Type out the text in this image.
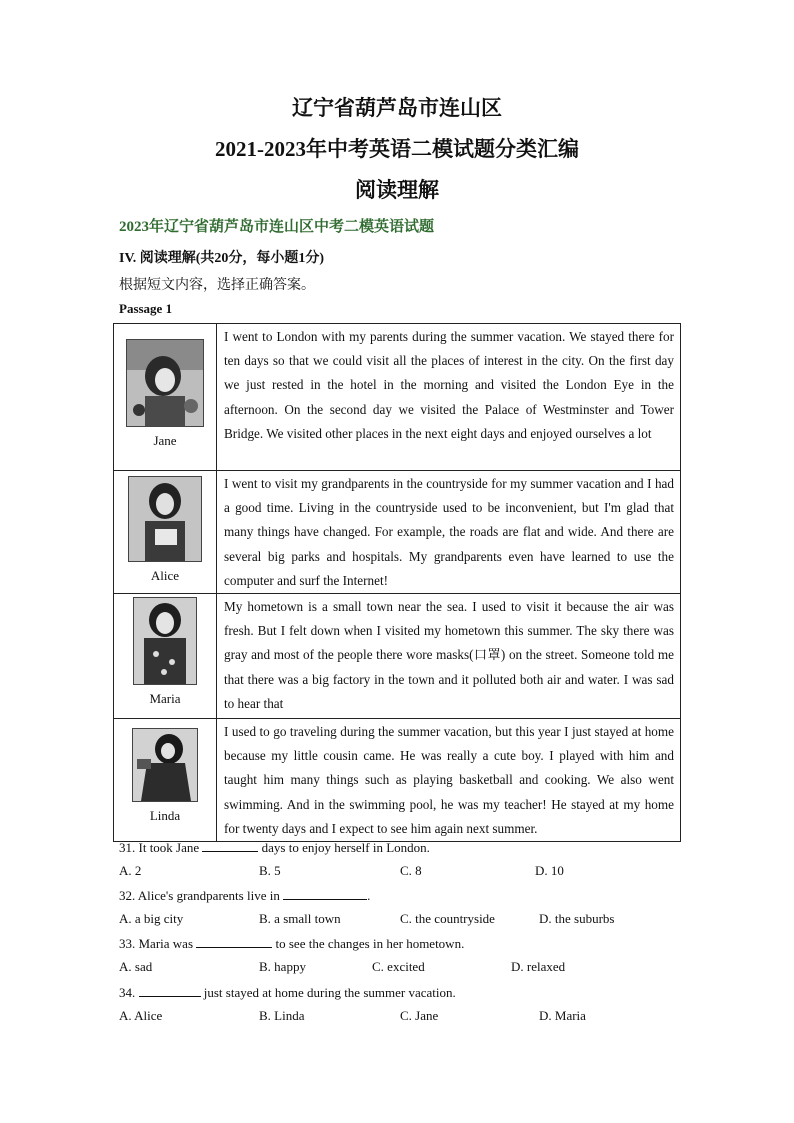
辽宁省葫芦岛市连山区
2021-2023年中考英语二模试题分类汇编
阅读理解
2023年辽宁省葫芦岛市连山区中考二模英语试题
IV. 阅读理解(共20分，每小题1分)
根据短文内容，选择正确答案。
Passage 1
Jane	I went to London with my parents during the summer vacation. We stayed there for ten days so that we could visit all the places of interest in the city. On the first day we just rested in the hotel in the morning and visited the London Eye in the afternoon. On the second day we visited the Palace of Westminster and Tower Bridge. We visited other places in the next eight days and enjoyed ourselves a lot

Alice	I went to visit my grandparents in the countryside for my summer vacation and I had a good time. Living in the countryside used to be inconvenient, but I'm glad that many things have changed. For example, the roads are flat and wide. And there are several big parks and hospitals. My grandparents even have learned to use the computer and surf the Internet!

Maria	My hometown is a small town near the sea. I used to visit it because the air was fresh. But I felt down when I visited my hometown this summer. The sky there was gray and most of the people there wore masks(口罩) on the street. Someone told me that there was a big factory in the town and it polluted both air and water. I was sad to hear that

Linda	I used to go traveling during the summer vacation, but this year I just stayed at home because my little cousin came. He was really a cute boy. I played with him and taught him many things such as playing basketball and cooking. We also went swimming. And in the swimming pool, he was my teacher! He stayed at my home for twenty days and I expect to see him again next summer.
31. It took Jane	days to enjoy herself in London.
A. 2	B. 5	C. 8	D. 10
32. Alice's grandparents live in	.
A. a big city	B. a small town	C. the countryside	D. the suburbs
33. Maria was	to see the changes in her hometown.
A. sad	B. happy	C. excited	D. relaxed
34.	just stayed at home during the summer vacation.
A. Alice	B. Linda	C. Jane	D. Maria
